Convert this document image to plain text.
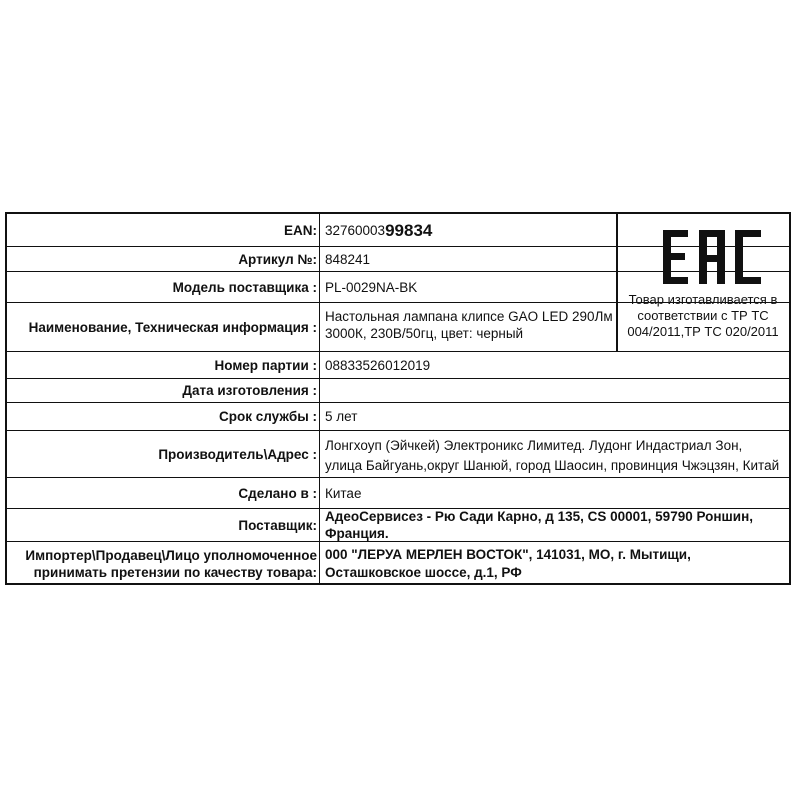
EAN: 32760003 99834
Артикул №: 848241
Модель поставщика : PL-0029NA-BK
Наименование, Техническая информация :
Настольная лампана клипсе GAO LED 290Лм
3000К, 230В/50гц, цвет: черный
Товар изготавливается в соответствии с ТР ТС 004/2011,ТР ТС 020/2011
Номер партии : 08833526012019
Дата изготовления :
Срок службы : 5 лет
Производитель\Адрес :
Лонгхоуп (Эйчкей) Электроникс Лимитед. Лудонг Индастриал Зон,
улица Байгуань,округ Шанюй, город Шаосин, провинция Чжэцзян, Китай
Сделано в : Китае
Поставщик:
АдеоСервисез - Рю Сади Карно, д 135, CS 00001, 59790 Роншин, Франция.
Импортер\Продавец\Лицо уполномоченное
принимать претензии по качеству товара:
000 "ЛЕРУА МЕРЛЕН ВОСТОК", 141031, МО, г. Мытищи,
Осташковское шоссе, д.1, РФ
